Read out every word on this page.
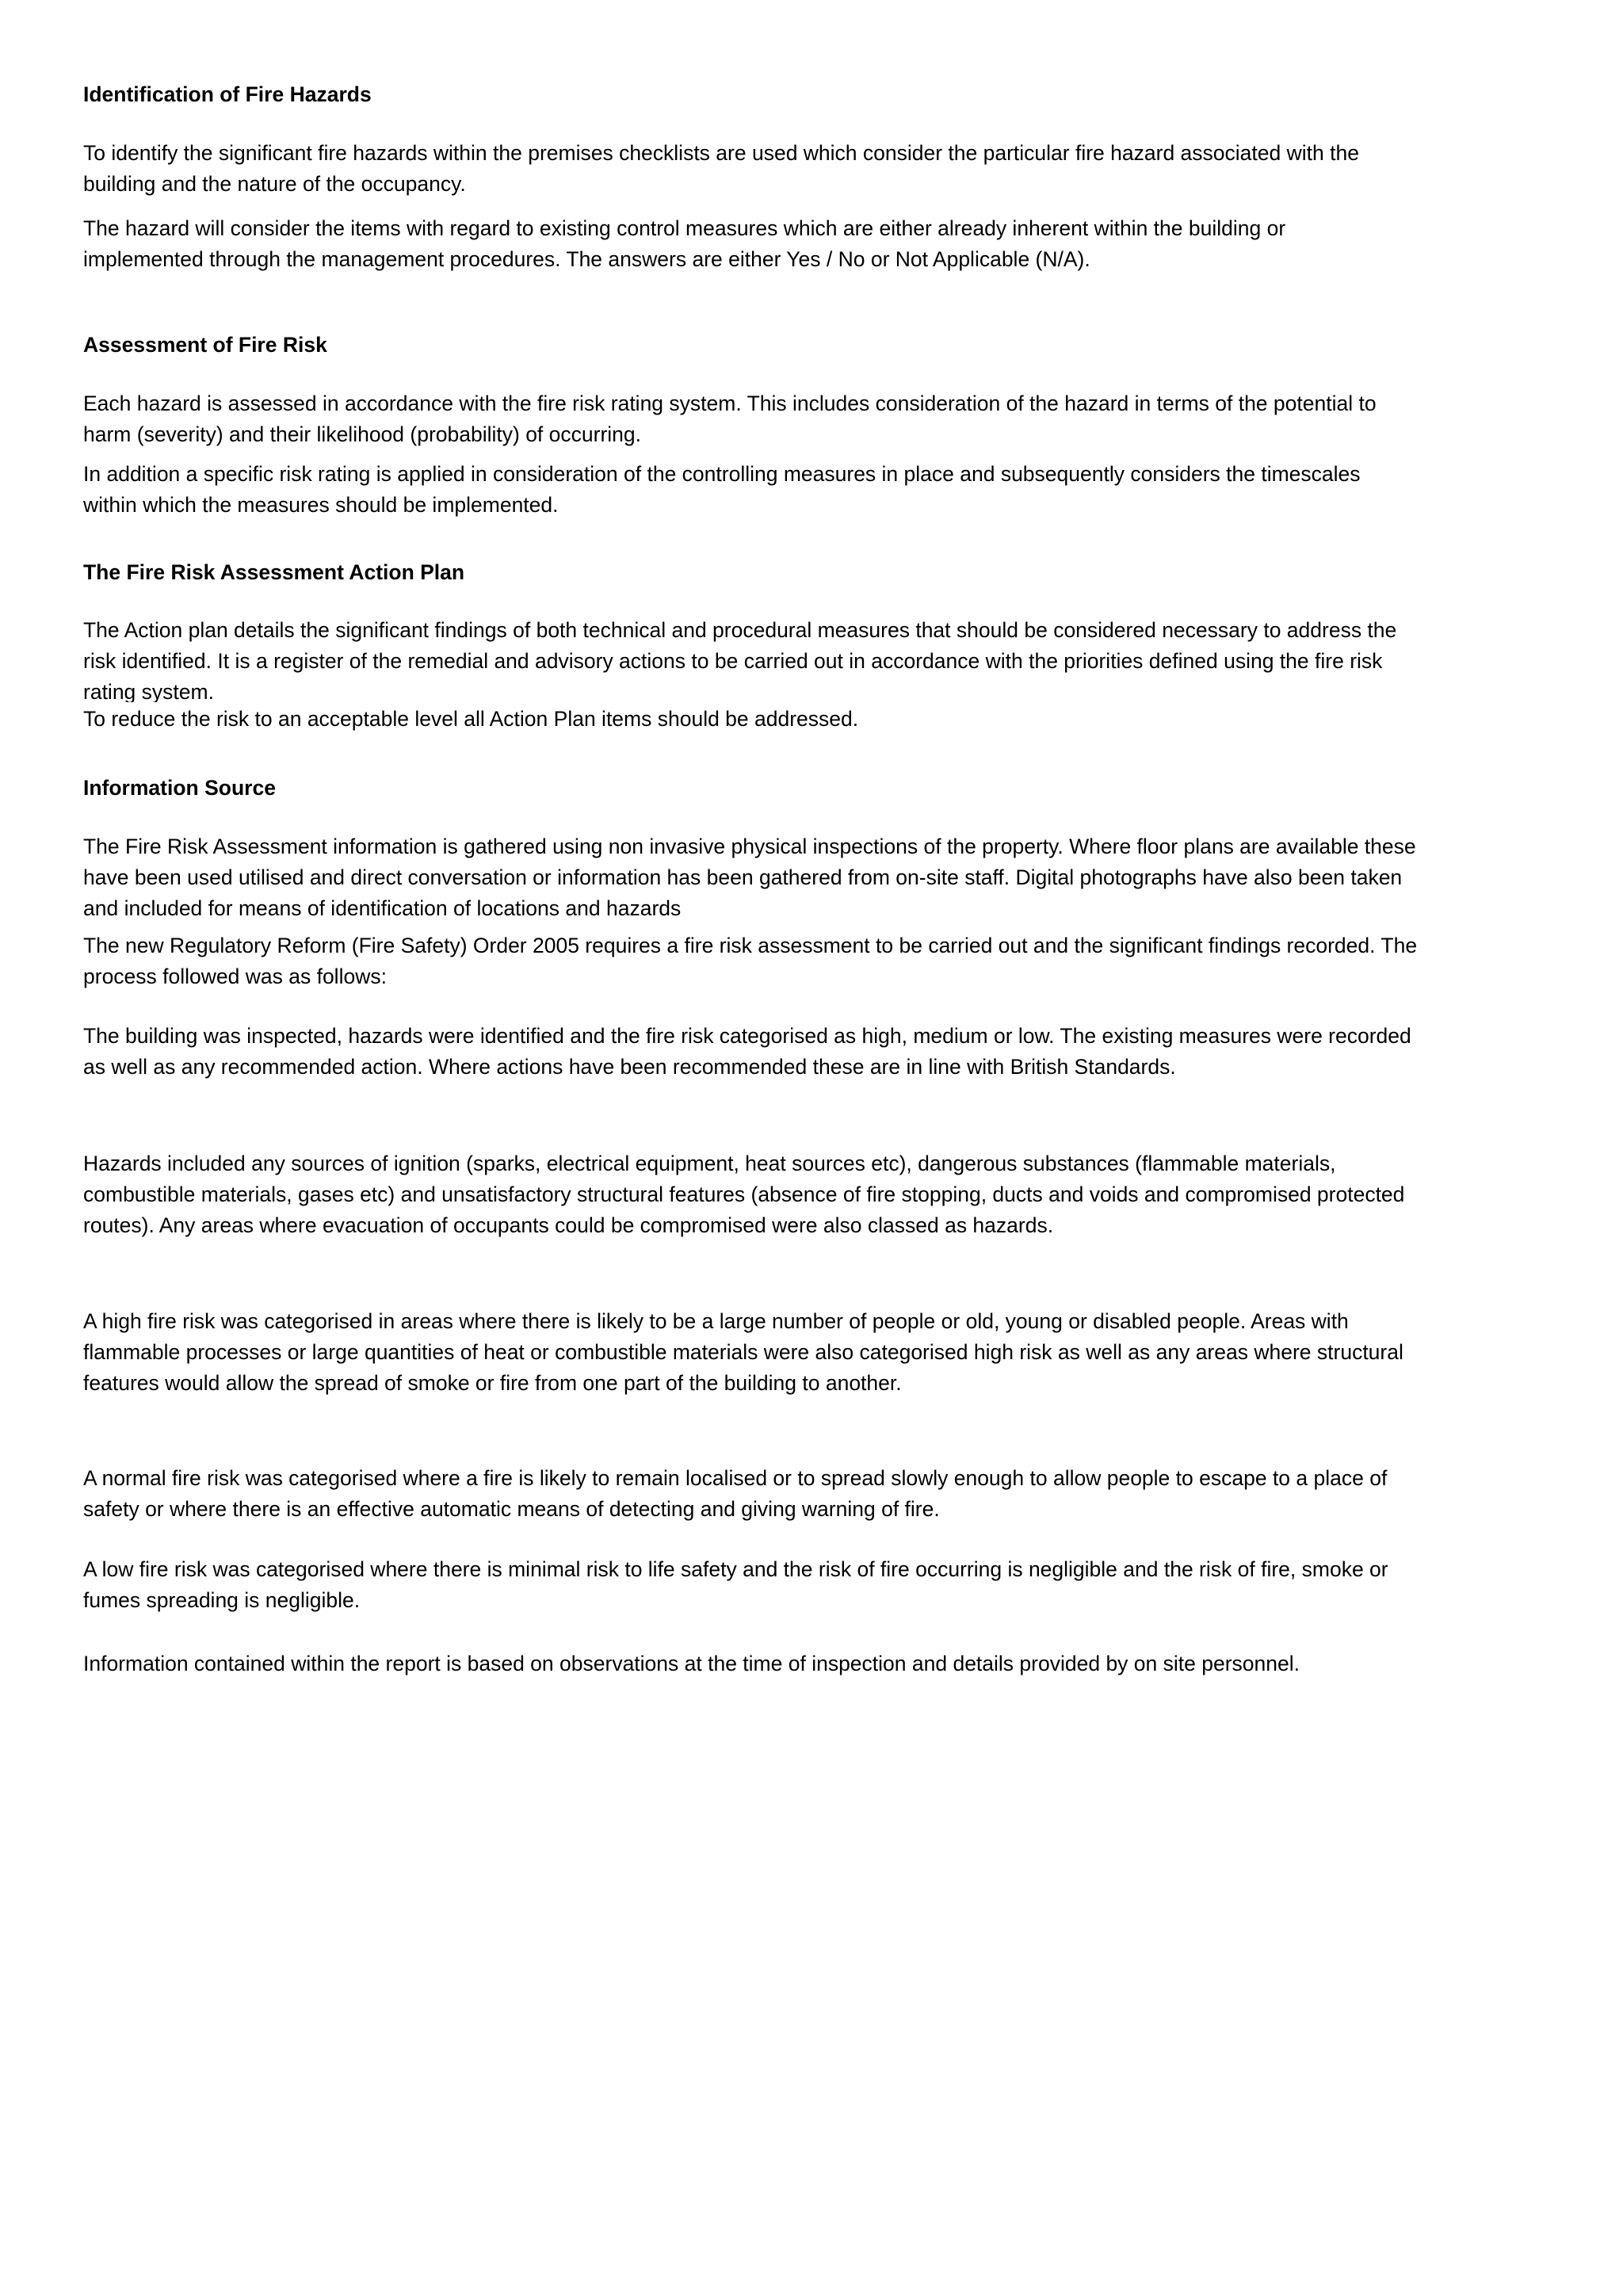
Identification of Fire Hazards

To identify the significant fire hazards within the premises checklists are used which consider the particular fire hazard associated with the
building and the nature of the occupancy.

The hazard will consider the items with regard to existing control measures which are either already inherent within the building or
implemented through the management procedures. The answers are either Yes / No or Not Applicable (N/A).

Assessment of Fire Risk

Each hazard is assessed in accordance with the fire risk rating system. This includes consideration of the hazard in terms of the potential to
harm (severity) and their likelihood (probability) of occurring.

In addition a specific risk rating is applied in consideration of the controlling measures in place and subsequently considers the timescales
within which the measures should be implemented.

The Fire Risk Assessment Action Plan

The Action plan details the significant findings of both technical and procedural measures that should be considered necessary to address the
risk identified. It is a register of the remedial and advisory actions to be carried out in accordance with the priorities defined using the fire risk
rating system.

To reduce the risk to an acceptable level all Action Plan items should be addressed.

Information Source

The Fire Risk Assessment information is gathered using non invasive physical inspections of the property. Where floor plans are available these
have been used utilised and direct conversation or information has been gathered from on-site staff. Digital photographs have also been taken
and included for means of identification of locations and hazards

The new Regulatory Reform (Fire Safety) Order 2005 requires a fire risk assessment to be carried out and the significant findings recorded. The
process followed was as follows:

The building was inspected, hazards were identified and the fire risk categorised as high, medium or low. The existing measures were recorded
as well as any recommended action. Where actions have been recommended these are in line with British Standards.

Hazards included any sources of ignition (sparks, electrical equipment, heat sources etc), dangerous substances (flammable materials,
combustible materials, gases etc) and unsatisfactory structural features (absence of fire stopping, ducts and voids and compromised protected
routes). Any areas where evacuation of occupants could be compromised were also classed as hazards.

A high fire risk was categorised in areas where there is likely to be a large number of people or old, young or disabled people. Areas with
flammable processes or large quantities of heat or combustible materials were also categorised high risk as well as any areas where structural
features would allow the spread of smoke or fire from one part of the building to another.

A normal fire risk was categorised where a fire is likely to remain localised or to spread slowly enough to allow people to escape to a place of
safety or where there is an effective automatic means of detecting and giving warning of fire.

A low fire risk was categorised where there is minimal risk to life safety and the risk of fire occurring is negligible and the risk of fire, smoke or
fumes spreading is negligible.

Information contained within the report is based on observations at the time of inspection and details provided by on site personnel.
